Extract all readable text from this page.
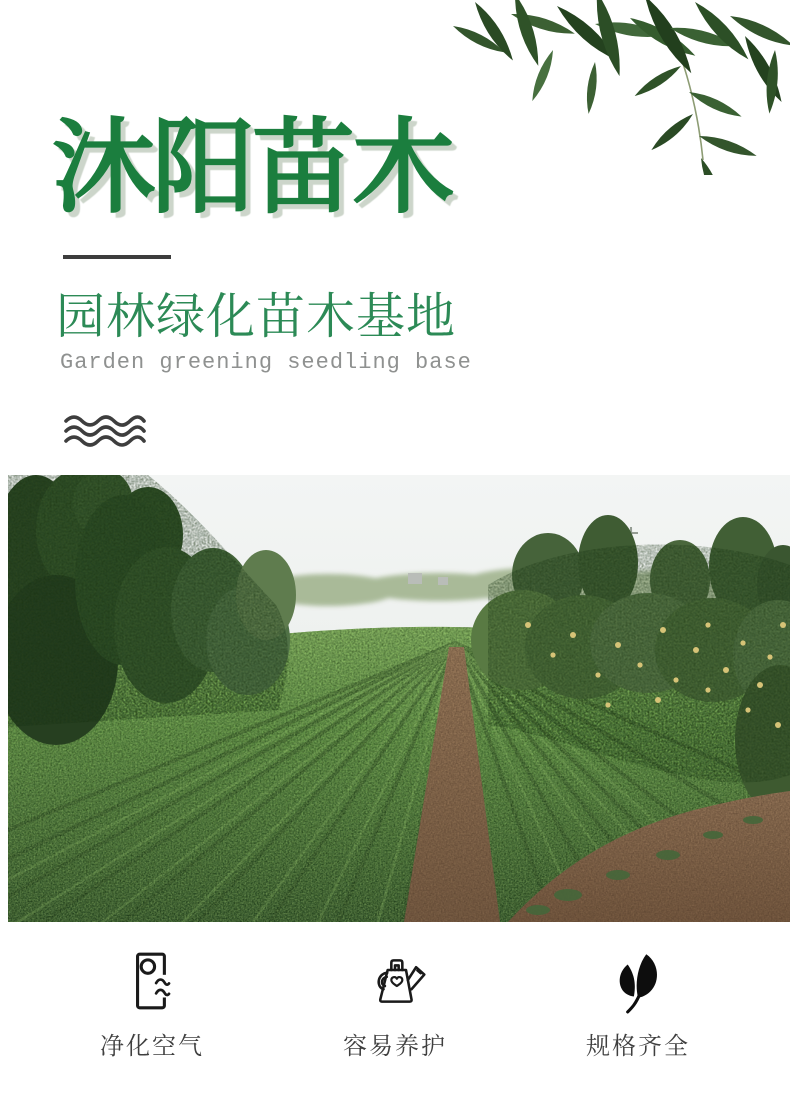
沐阳苗木
园林绿化苗木基地
Garden greening seedling base
净化空气	容易养护	规格齐全
